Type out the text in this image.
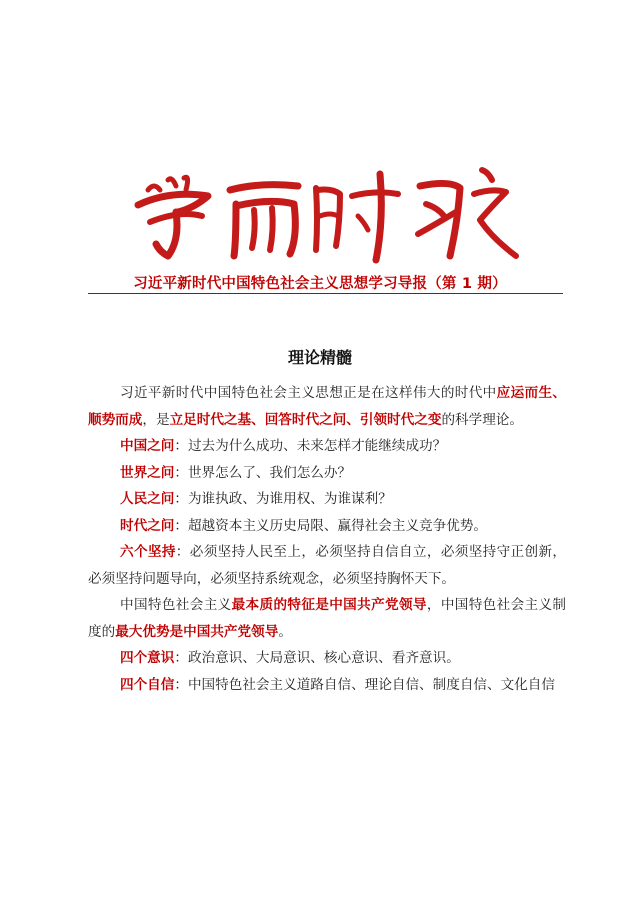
习近平新时代中国特色社会主义思想学习导报（第 1 期）
理论精髓

习近平新时代中国特色社会主义思想正是在这样伟大的时代中应运而生、顺势而成，是立足时代之基、回答时代之问、引领时代之变的科学理论。

中国之问：过去为什么成功、未来怎样才能继续成功？

世界之问：世界怎么了、我们怎么办？

人民之问：为谁执政、为谁用权、为谁谋利？

时代之问：超越资本主义历史局限、赢得社会主义竞争优势。

六个坚持：必须坚持人民至上，必须坚持自信自立，必须坚持守正创新，必须坚持问题导向，必须坚持系统观念，必须坚持胸怀天下。

中国特色社会主义最本质的特征是中国共产党领导，中国特色社会主义制度的最大优势是中国共产党领导。

四个意识：政治意识、大局意识、核心意识、看齐意识。

四个自信：中国特色社会主义道路自信、理论自信、制度自信、文化自信
